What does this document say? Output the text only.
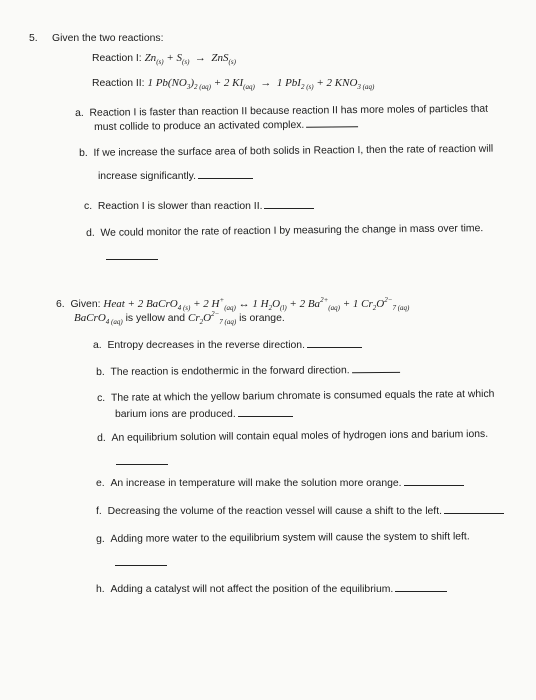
5. Given the two reactions:
Reaction I: $Zn_{(s)} + S_{(s)} \to ZnS_{(s)}$
Reaction II: 1 $Pb(NO_3)_{2 (aq)} + 2$ $KI_{(aq)} \to 1$ PbI$_{2 (s)}$ + 2 $KNO_{3 (aq)}$
a. Reaction I is faster than reaction II because reaction II has more moles of particles that
must collide to produce an activated complex.
b. If we increase the surface area of both solids in Reaction I, then the rate of reaction will
increase significantly.
c. Reaction I is slower than reaction II.
d. We could monitor the rate of reaction I by measuring the change in mass over time.
6. Given: Heat + 2 BaCrO$_{4 (s)}$ + 2 $H^+_{(aq)}$ ↔ 1 $H_2O_{(l)} + 2$ $Ba^{2+}_{(aq)} + 1$ $Cr_2O^{2-}_{7 (aq)}$
BaCrO$_{4 (aq)}$ is yellow and $Cr_2O^{2-}_{7 (aq)}$ is orange.
a. Entropy decreases in the reverse direction.
b. The reaction is endothermic in the forward direction.
c. The rate at which the yellow barium chromate is consumed equals the rate at which
barium ions are produced.
d. An equilibrium solution will contain equal moles of hydrogen ions and barium ions.
e. An increase in temperature will make the solution more orange.
f. Decreasing the volume of the reaction vessel will cause a shift to the left.
g. Adding more water to the equilibrium system will cause the system to shift left.
h. Adding a catalyst will not affect the position of the equilibrium.
